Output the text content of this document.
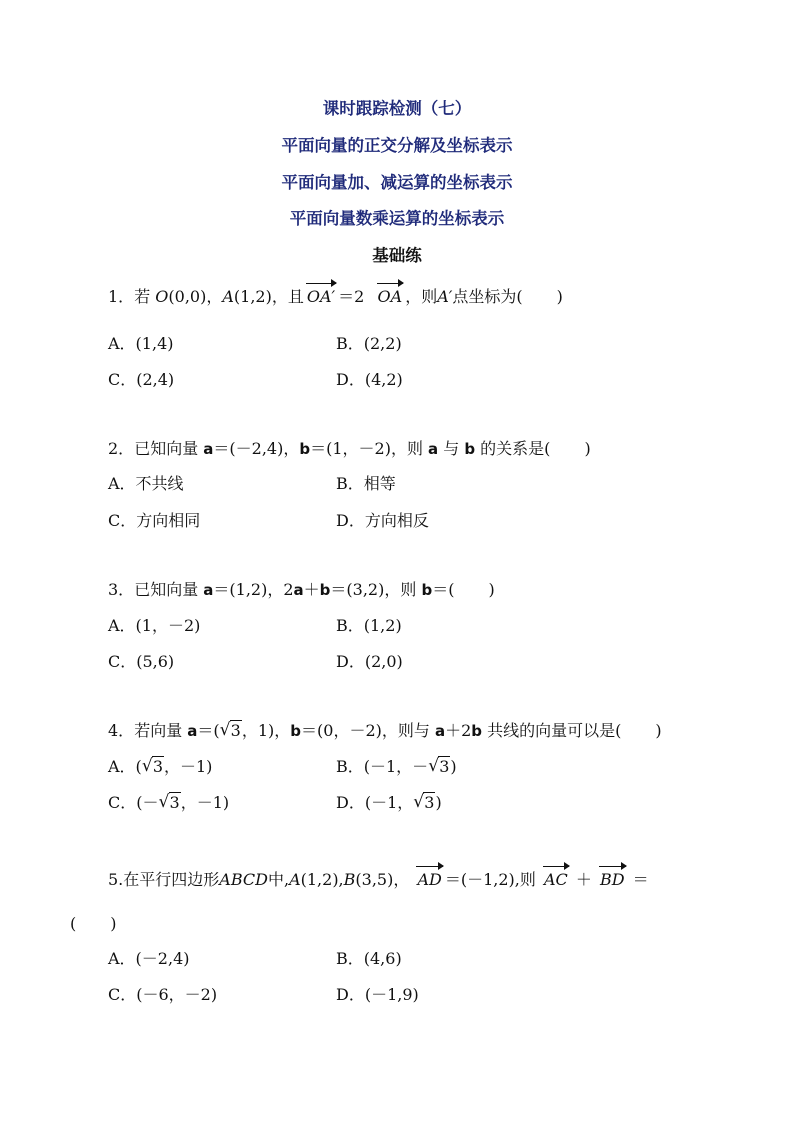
课时跟踪检测（七）
平面向量的正交分解及坐标表示
平面向量加、减运算的坐标表示
平面向量数乘运算的坐标表示
基础练
1．若 O(0,0)，A(1,2)，且 OA′ ＝2 OA ，则A′点坐标为( )
A．(1,4)	B．(2,2)
C．(2,4)	D．(4,2)
2．已知向量 a＝(－2,4)，b＝(1，－2)，则 a 与 b 的关系是( )
A．不共线	B．相等
C．方向相同	D．方向相反
3．已知向量 a＝(1,2)，2a＋b＝(3,2)，则 b＝( )
A．(1，－2)	B．(1,2)
C．(5,6)	D．(2,0)
4．若向量 a＝( √ 3，1)，b＝(0，－2)，则与 a＋2b 共线的向量可以是( )
A．( √ 3，－1)	B．(－1，－ √ 3)
C．(－ √ 3，－1)	D．(－1， √ 3)
5.在平行四边形ABCD中,A(1,2),B(3,5)， AD ＝(－1,2),则 AC ＋ BD ＝
( )
A．(－2,4)	B．(4,6)
C．(－6，－2)	D．(－1,9)
